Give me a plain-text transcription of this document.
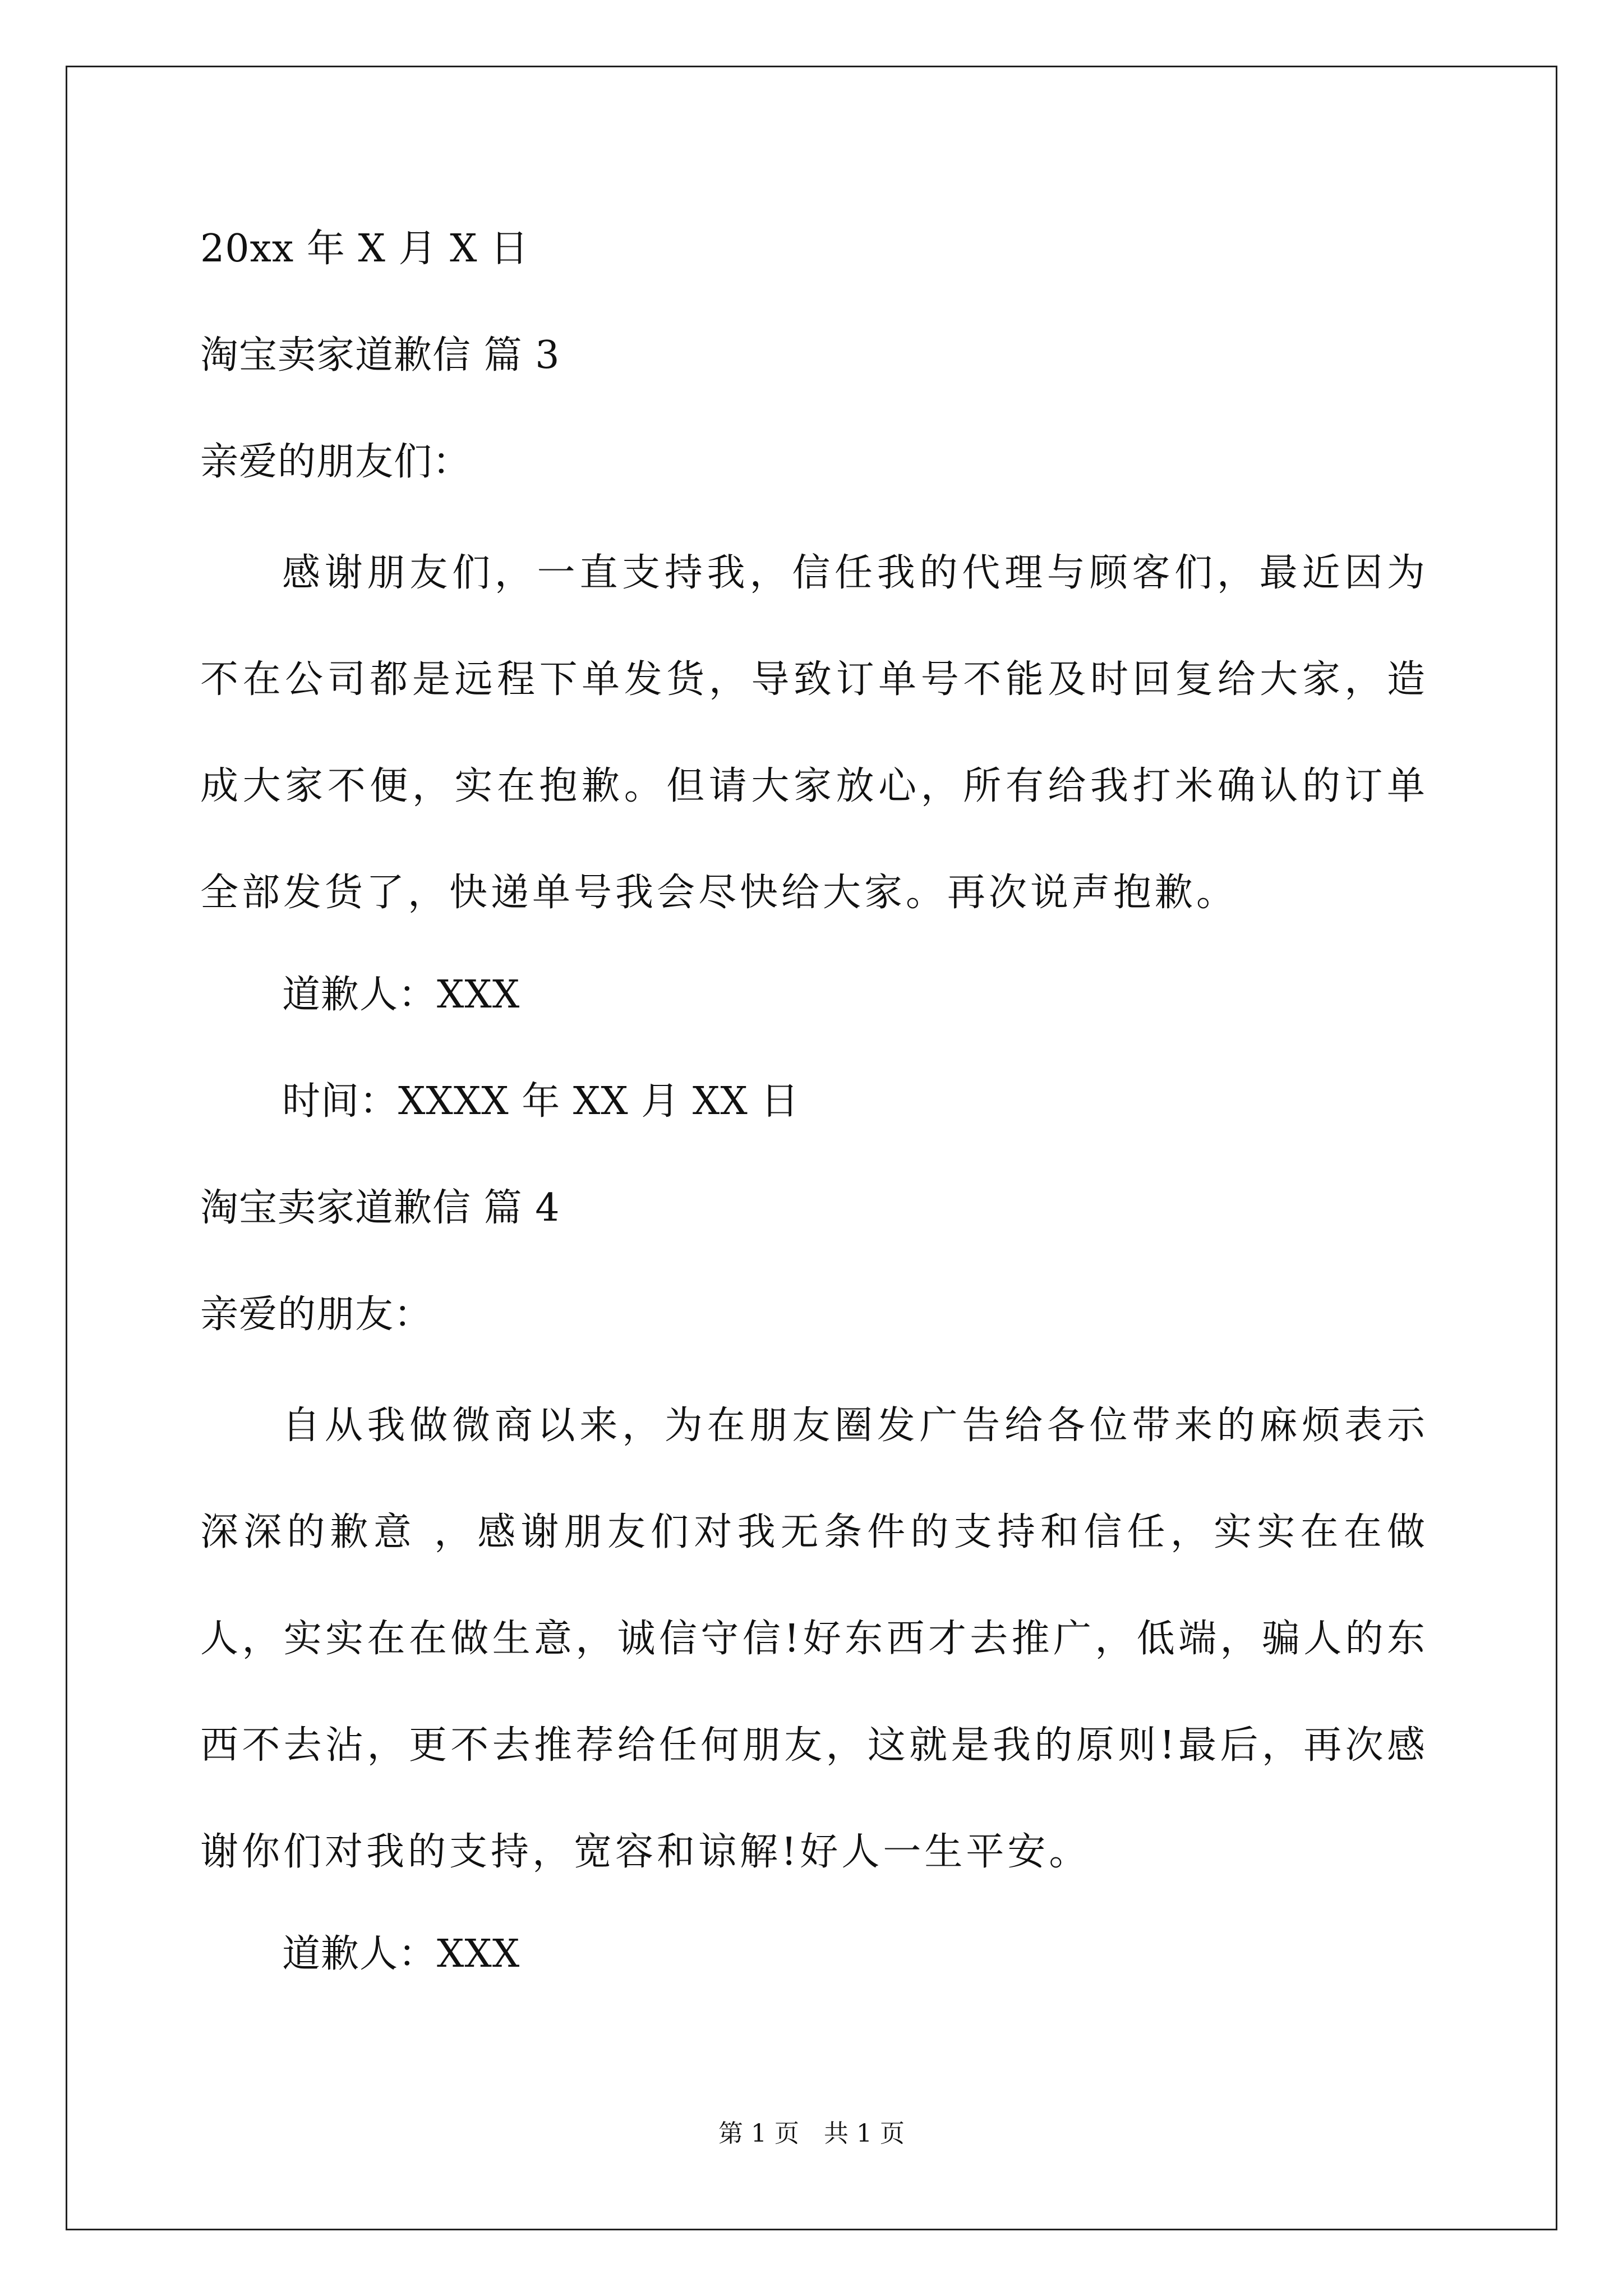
20xx 年 X 月 X 日
淘宝卖家道歉信 篇 3
亲爱的朋友们：

感谢朋友们，一直支持我，信任我的代理与顾客们，最近因为不在公司都是远程下单发货，导致订单号不能及时回复给大家，造成大家不便，实在抱歉。但请大家放心，所有给我打米确认的订单全部发货了，快递单号我会尽快给大家。再次说声抱歉。

道歉人：XXX
时间：XXXX 年 XX 月 XX 日
淘宝卖家道歉信 篇 4
亲爱的朋友：

自从我做微商以来，为在朋友圈发广告给各位带来的麻烦表示深深的歉意 ，感谢朋友们对我无条件的支持和信任，实实在在做人，实实在在做生意，诚信守信!好东西才去推广，低端，骗人的东西不去沾，更不去推荐给任何朋友，这就是我的原则!最后，再次感谢你们对我的支持，宽容和谅解!好人一生平安。

道歉人：XXX
第 1 页　共 1 页
